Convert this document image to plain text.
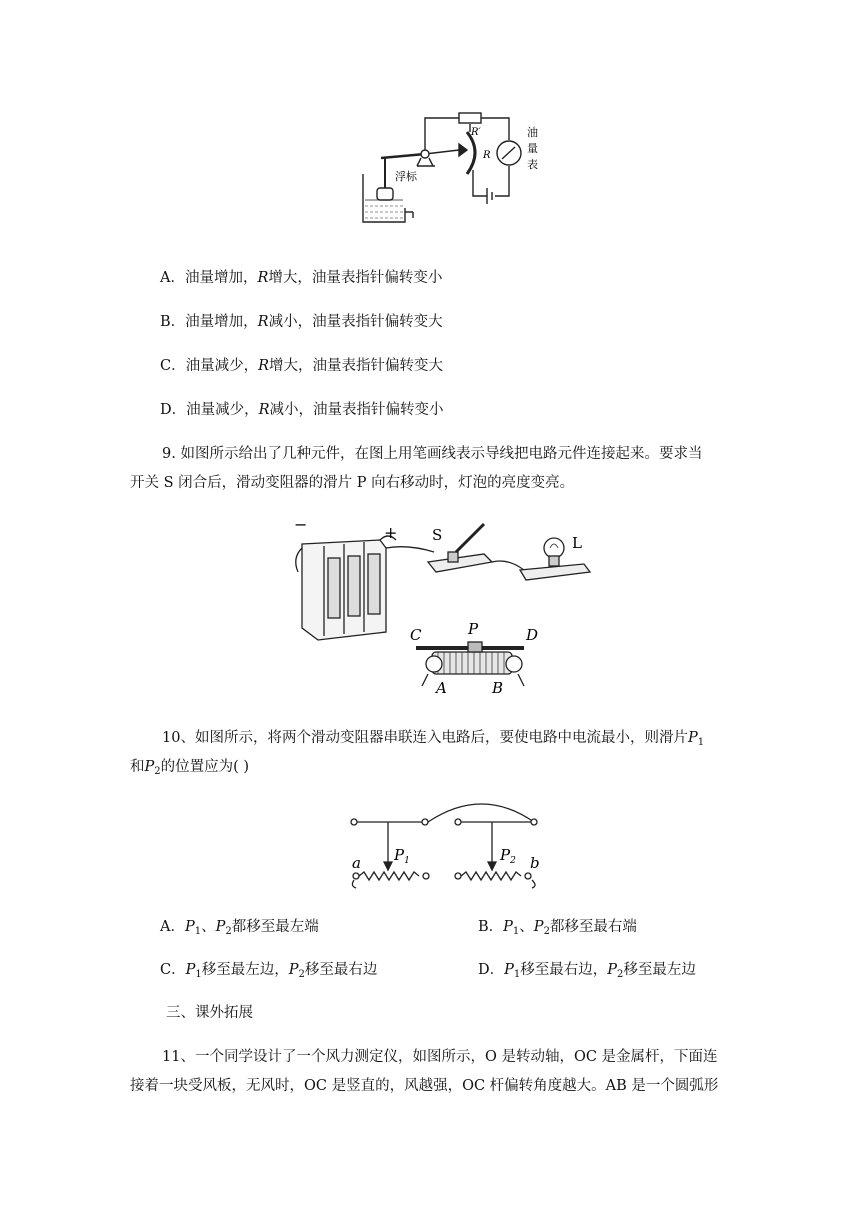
浮标
R′
R
油
量
表
A．油量增加，R增大，油量表指针偏转变小
B．油量增加，R减小，油量表指针偏转变大
C．油量减少，R增大，油量表指针偏转变大
D．油量减少，R减小，油量表指针偏转变小
9. 如图所示给出了几种元件，在图上用笔画线表示导线把电路元件连接起来。要求当
开关 S 闭合后，滑动变阻器的滑片 P 向右移动时，灯泡的亮度变亮。
−	+ S	L
C	P	D
A	B
10、如图所示，将两个滑动变阻器串联连入电路后，要使电路中电流最小，则滑片$P_1$
和$P_2$的位置应为( )
a $P_1$	$P_2$ b
A．$P_1$、$P_2$都移至最左端	B．$P_1$、$P_2$都移至最右端
C．$P_1$移至最左边，$P_2$移至最右边	D．$P_1$移至最右边，$P_2$移至最左边
三、课外拓展
11、一个同学设计了一个风力测定仪，如图所示，O 是转动轴，OC 是金属杆，下面连
接着一块受风板，无风时，OC 是竖直的，风越强，OC 杆偏转角度越大。AB 是一个圆弧形
